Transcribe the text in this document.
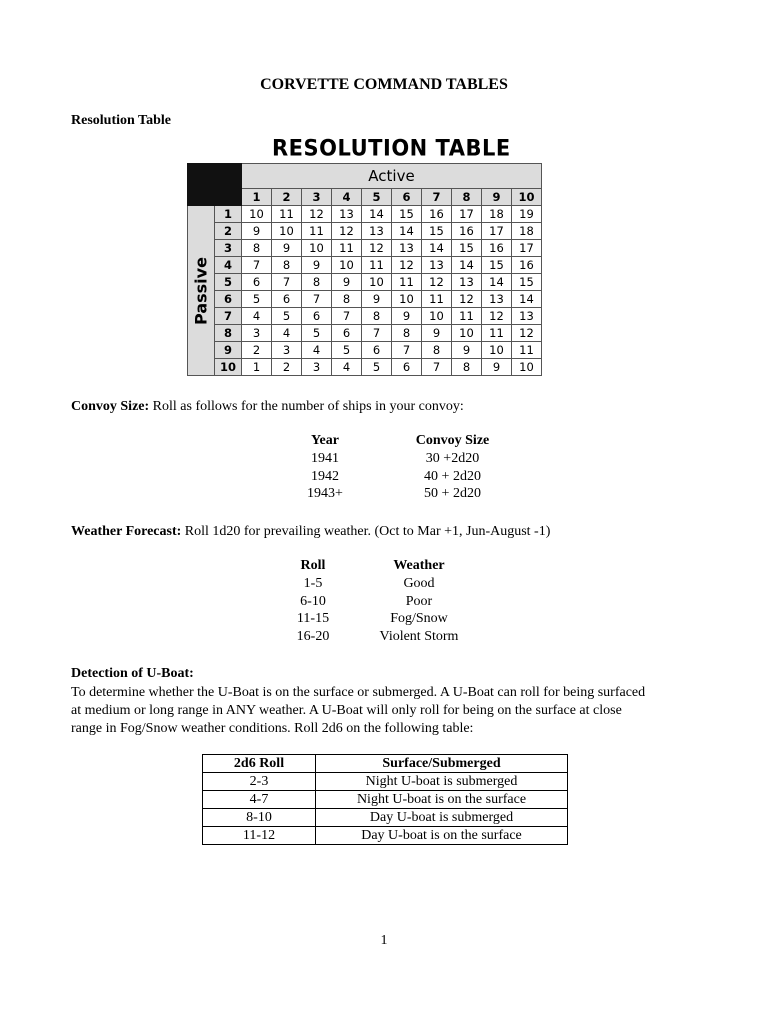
CORVETTE COMMAND TABLES
Resolution Table
RESOLUTION TABLE
		Active									
		1	2	3	4	5	6	7	8	9	10

Passive	1	10	11	12	13	14	15	16	17	18	19
	2	9	10	11	12	13	14	15	16	17	18
	3	8	9	10	11	12	13	14	15	16	17
	4	7	8	9	10	11	12	13	14	15	16
	5	6	7	8	9	10	11	12	13	14	15
	6	5	6	7	8	9	10	11	12	13	14
	7	4	5	6	7	8	9	10	11	12	13
	8	3	4	5	6	7	8	9	10	11	12
	9	2	3	4	5	6	7	8	9	10	11
	10	1	2	3	4	5	6	7	8	9	10
Convoy Size: Roll as follows for the number of ships in your convoy:
Year	Convoy Size
1941	30 +2d20
1942	40 + 2d20
1943+	50 + 2d20
Weather Forecast: Roll 1d20 for prevailing weather. (Oct to Mar +1, Jun-August -1)
Roll	Weather
1-5	Good
6-10	Poor
11-15	Fog/Snow
16-20	Violent Storm
Detection of U-Boat:
To determine whether the U-Boat is on the surface or submerged. A U-Boat can roll for being surfaced
at medium or long range in ANY weather. A U-Boat will only roll for being on the surface at close
range in Fog/Snow weather conditions. Roll 2d6 on the following table:
2d6 Roll	Surface/Submerged
2-3	Night U-boat is submerged
4-7	Night U-boat is on the surface
8-10	Day U-boat is submerged
11-12	Day U-boat is on the surface
1
